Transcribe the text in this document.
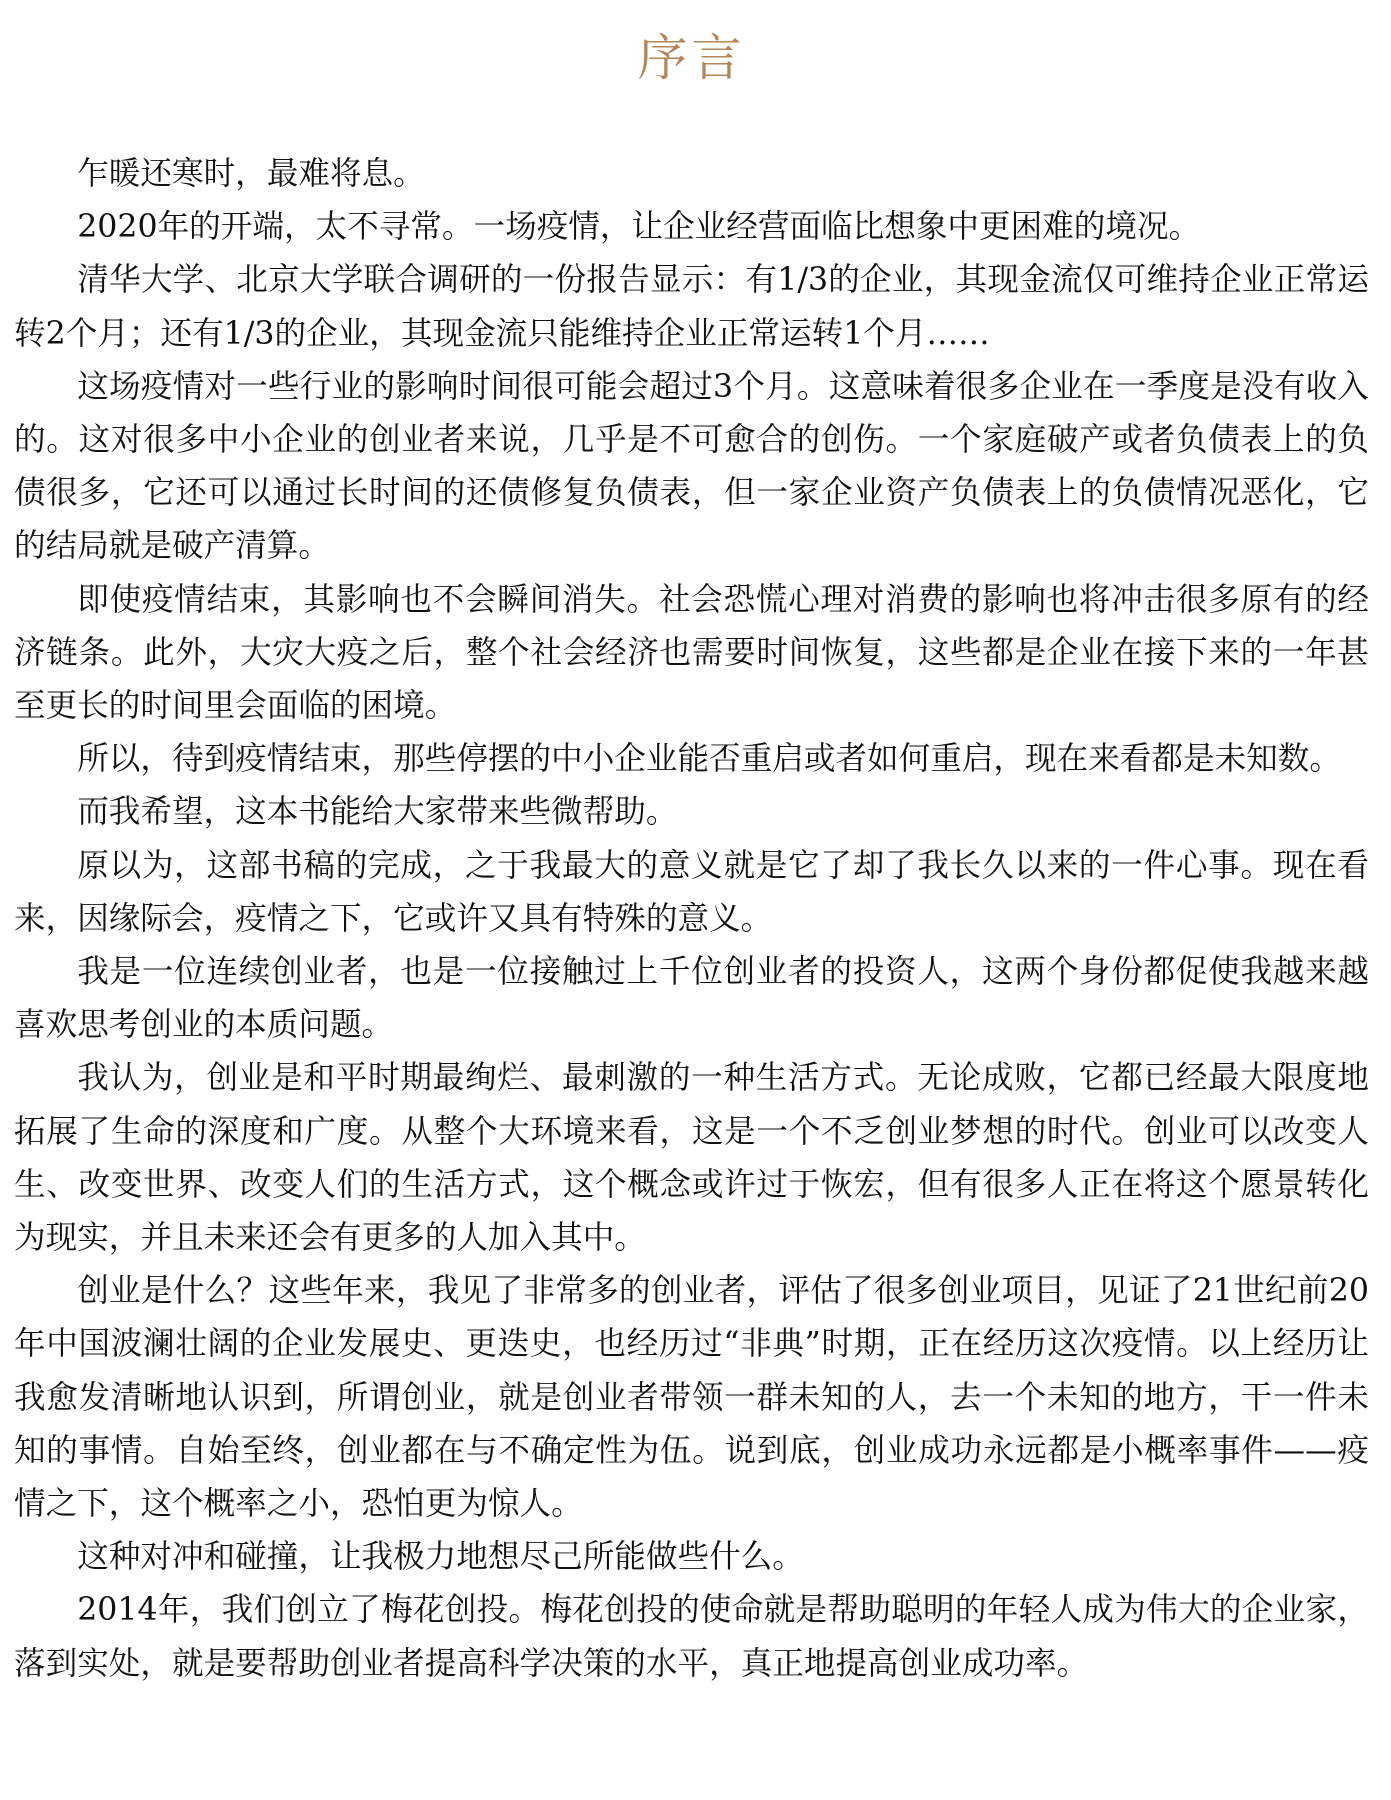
序言

乍暖还寒时，最难将息。

2020年的开端，太不寻常。一场疫情，让企业经营面临比想象中更困难的境况。

清华大学、北京大学联合调研的一份报告显示：有1/3的企业，其现金流仅可维持企业正常运转2个月；还有1/3的企业，其现金流只能维持企业正常运转1个月……

这场疫情对一些行业的影响时间很可能会超过3个月。这意味着很多企业在一季度是没有收入的。这对很多中小企业的创业者来说，几乎是不可愈合的创伤。一个家庭破产或者负债表上的负债很多，它还可以通过长时间的还债修复负债表，但一家企业资产负债表上的负债情况恶化，它的结局就是破产清算。

即使疫情结束，其影响也不会瞬间消失。社会恐慌心理对消费的影响也将冲击很多原有的经济链条。此外，大灾大疫之后，整个社会经济也需要时间恢复，这些都是企业在接下来的一年甚至更长的时间里会面临的困境。

所以，待到疫情结束，那些停摆的中小企业能否重启或者如何重启，现在来看都是未知数。

而我希望，这本书能给大家带来些微帮助。

原以为，这部书稿的完成，之于我最大的意义就是它了却了我长久以来的一件心事。现在看来，因缘际会，疫情之下，它或许又具有特殊的意义。

我是一位连续创业者，也是一位接触过上千位创业者的投资人，这两个身份都促使我越来越喜欢思考创业的本质问题。

我认为，创业是和平时期最绚烂、最刺激的一种生活方式。无论成败，它都已经最大限度地拓展了生命的深度和广度。从整个大环境来看，这是一个不乏创业梦想的时代。创业可以改变人生、改变世界、改变人们的生活方式，这个概念或许过于恢宏，但有很多人正在将这个愿景转化为现实，并且未来还会有更多的人加入其中。

创业是什么？这些年来，我见了非常多的创业者，评估了很多创业项目，见证了21世纪前20年中国波澜壮阔的企业发展史、更迭史，也经历过“非典”时期，正在经历这次疫情。以上经历让我愈发清晰地认识到，所谓创业，就是创业者带领一群未知的人，去一个未知的地方，干一件未知的事情。自始至终，创业都在与不确定性为伍。说到底，创业成功永远都是小概率事件——疫情之下，这个概率之小，恐怕更为惊人。

这种对冲和碰撞，让我极力地想尽己所能做些什么。

2014年，我们创立了梅花创投。梅花创投的使命就是帮助聪明的年轻人成为伟大的企业家，落到实处，就是要帮助创业者提高科学决策的水平，真正地提高创业成功率。
